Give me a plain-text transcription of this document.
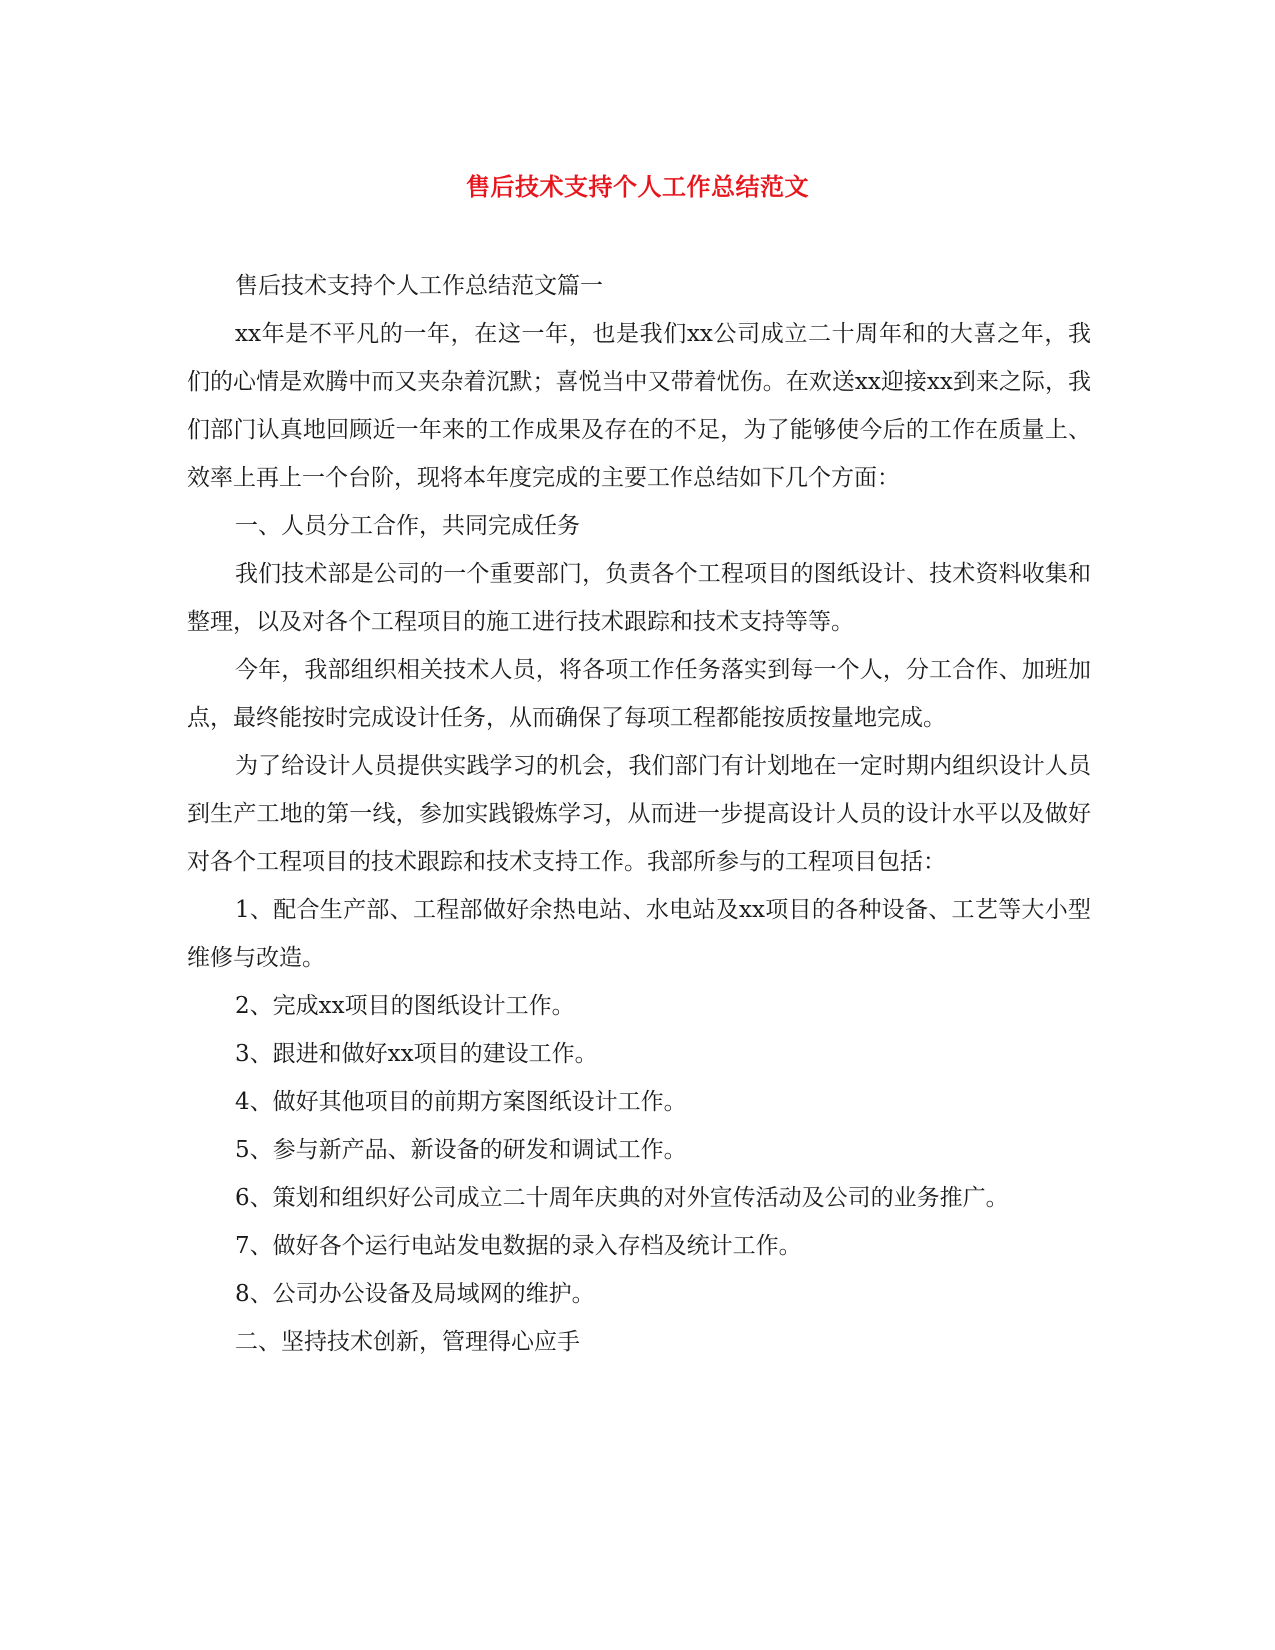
售后技术支持个人工作总结范文

售后技术支持个人工作总结范文篇一

xx年是不平凡的一年，在这一年，也是我们xx公司成立二十周年和的大喜之年，我们的心情是欢腾中而又夹杂着沉默；喜悦当中又带着忧伤。在欢送xx迎接xx到来之际，我们部门认真地回顾近一年来的工作成果及存在的不足，为了能够使今后的工作在质量上、效率上再上一个台阶，现将本年度完成的主要工作总结如下几个方面：

一、人员分工合作，共同完成任务

我们技术部是公司的一个重要部门，负责各个工程项目的图纸设计、技术资料收集和整理，以及对各个工程项目的施工进行技术跟踪和技术支持等等。

今年，我部组织相关技术人员，将各项工作任务落实到每一个人，分工合作、加班加点，最终能按时完成设计任务，从而确保了每项工程都能按质按量地完成。

为了给设计人员提供实践学习的机会，我们部门有计划地在一定时期内组织设计人员到生产工地的第一线，参加实践锻炼学习，从而进一步提高设计人员的设计水平以及做好对各个工程项目的技术跟踪和技术支持工作。我部所参与的工程项目包括：

1、配合生产部、工程部做好余热电站、水电站及xx项目的各种设备、工艺等大小型维修与改造。

2、完成xx项目的图纸设计工作。

3、跟进和做好xx项目的建设工作。

4、做好其他项目的前期方案图纸设计工作。

5、参与新产品、新设备的研发和调试工作。

6、策划和组织好公司成立二十周年庆典的对外宣传活动及公司的业务推广。

7、做好各个运行电站发电数据的录入存档及统计工作。

8、公司办公设备及局域网的维护。

二、坚持技术创新，管理得心应手
